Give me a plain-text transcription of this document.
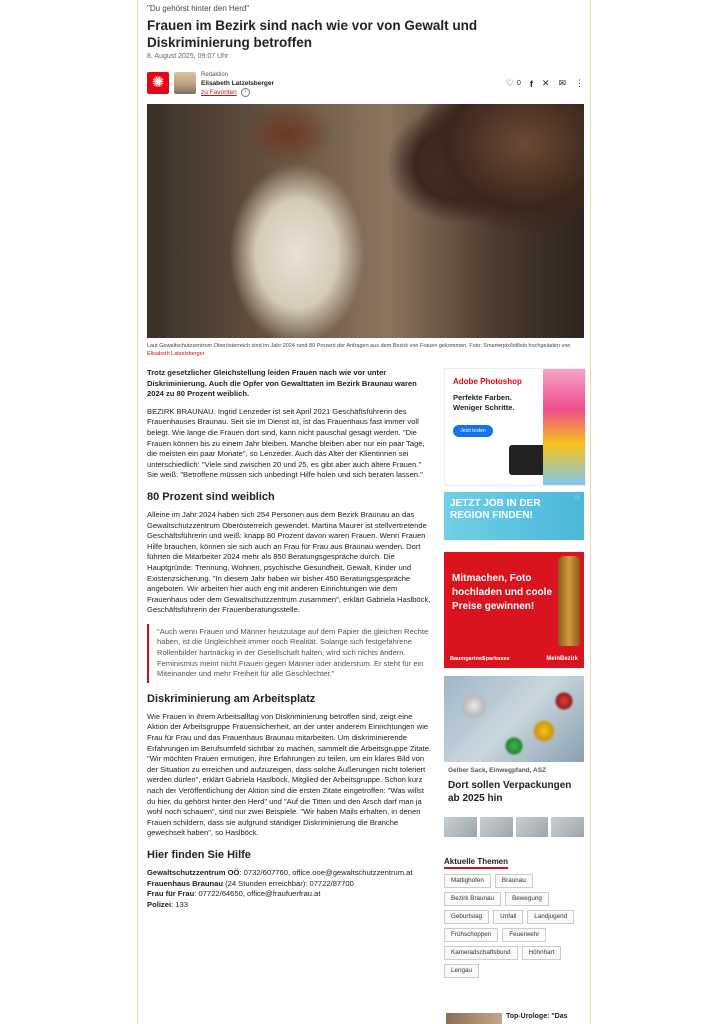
"Du gehörst hinter den Herd"
Frauen im Bezirk sind nach wie vor von Gewalt und Diskriminierung betroffen
8. August 2025, 09:07 Uhr
✺	Redaktion
Elisabeth Latzelsberger
zu Favoriten	i
♡ 0 f ✕ ✉ ⋮
Laut Gewaltschutzzentrum Oberösterreich sind im Jahr 2024 rund 80 Prozent der Anfragen aus dem Bezirk von Frauen gekommen. Foto: Smarterpix/lofilolo hochgeladen von Elisabeth Latzelsberger

Trotz gesetzlicher Gleichstellung leiden Frauen nach wie vor unter Diskriminierung. Auch die Opfer von Gewalttaten im Bezirk Braunau waren 2024 zu 80 Prozent weiblich.

BEZIRK BRAUNAU. Ingrid Lenzeder ist seit April 2021 Geschäftsführerin des Frauenhauses Braunau. Seit sie im Dienst ist, ist das Frauenhaus fast immer voll belegt. Wie lange die Frauen dort sind, kann nicht pauschal gesagt werden. "Die Frauen können bis zu einem Jahr bleiben. Manche bleiben aber nur ein paar Tage, die meisten ein paar Monate", so Lenzeder. Auch das Alter der Klientinnen sei unterschiedlich: "Viele sind zwischen 20 und 25, es gibt aber auch ältere Frauen." Sie weiß: "Betroffene müssen sich unbedingt Hilfe holen und sich beraten lassen."

80 Prozent sind weiblich

Alleine im Jahr 2024 haben sich 254 Personen aus dem Bezirk Braunau an das Gewaltschutzzentrum Oberösterreich gewendet. Martina Maurer ist stellvertretende Geschäftsführerin und weiß: knapp 80 Prozent davon waren Frauen. Wenn Frauen Hilfe brauchen, können sie sich auch an Frau für Frau aus Braunau wenden. Dort führten die Mitarbeiter 2024 mehr als 850 Beratungsgespräche durch. Die Hauptgründe: Trennung, Wohnen, psychische Gesundheit, Gewalt, Kinder und Existenzsicherung. "In diesem Jahr haben wir bisher 450 Beratungsgespräche angeboten. Wir arbeiten hier auch eng mit anderen Einrichtungen wie dem Frauenhaus oder dem Gewaltschutzzentrum zusammen", erklärt Gabriela Haslböck, Geschäftsführerin der Frauenberatungsstelle.

"Auch wenn Frauen und Männer heutzutage auf dem Papier die gleichen Rechte haben, ist die Ungleichheit immer noch Realität. Solange sich festgefahrene Rollenbilder hartnäckig in der Gesellschaft halten, wird sich nichts ändern. Feminismus meint nicht Frauen gegen Männer oder andersrum. Er steht für ein Miteinander und mehr Freiheit für alle Geschlechter."
Diskriminierung am Arbeitsplatz

Wie Frauen in ihrem Arbeitsalltag von Diskriminierung betroffen sind, zeigt eine Aktion der Arbeitsgruppe Frauensicherheit, an der unter anderem Einrichtungen wie Frau für Frau und das Frauenhaus Braunau mitarbeiten. Um diskriminierende Erfahrungen im Berufsumfeld sichtbar zu machen, sammelt die Arbeitsgruppe Zitate. "Wir möchten Frauen ermutigen, ihre Erfahrungen zu teilen, um ein klares Bild von der Situation zu erreichen und aufzuzeigen, dass solche Äußerungen nicht toleriert werden dürfen", erklärt Gabriela Haslböck, Mitglied der Arbeitsgruppe. Schon kurz nach der Veröffentlichung der Aktion sind die ersten Zitate eingetroffen: "Was willst du hier, du gehörst hinter den Herd" und "Auf die Titten und den Arsch darf man ja wohl noch schauen", sind nur zwei Beispiele. "Wir haben Mails erhalten, in denen Frauen schildern, dass sie aufgrund ständiger Diskriminierung die Branche gewechselt haben", so Haslböck.

Hier finden Sie Hilfe
Gewaltschutzzentrum OÖ: 0732/607760, office.ooe@gewaltschutzzentrum.at
Frauenhaus Braunau (24 Stunden erreichbar): 07722/87700
Frau für Frau: 07722/64650, office@fraufuerfrau.at
Polizei: 133
Adobe Photoshop
Perfekte Farben. Weniger Schritte.
Jetzt testen
JETZT JOB IN DER REGION FINDEN!
ⓘ
Mitmachen, Foto hochladen und coole Preise gewinnen!
Baumgartner
Sparkasse	MeinBezirk
Gelber Sack, Einwegpfand, ASZ
Dort sollen Verpackungen ab 2025 hin
Aktuelle Themen
Mattighofen	Braunau
Bezirk Braunau	Bewegung
Geburtstag	Unfall	Landjugend
Frühschoppen	Feuerwehr
Kameradschaftsbund	Höhnhart
Lengau
Top-Urologe: "Das
